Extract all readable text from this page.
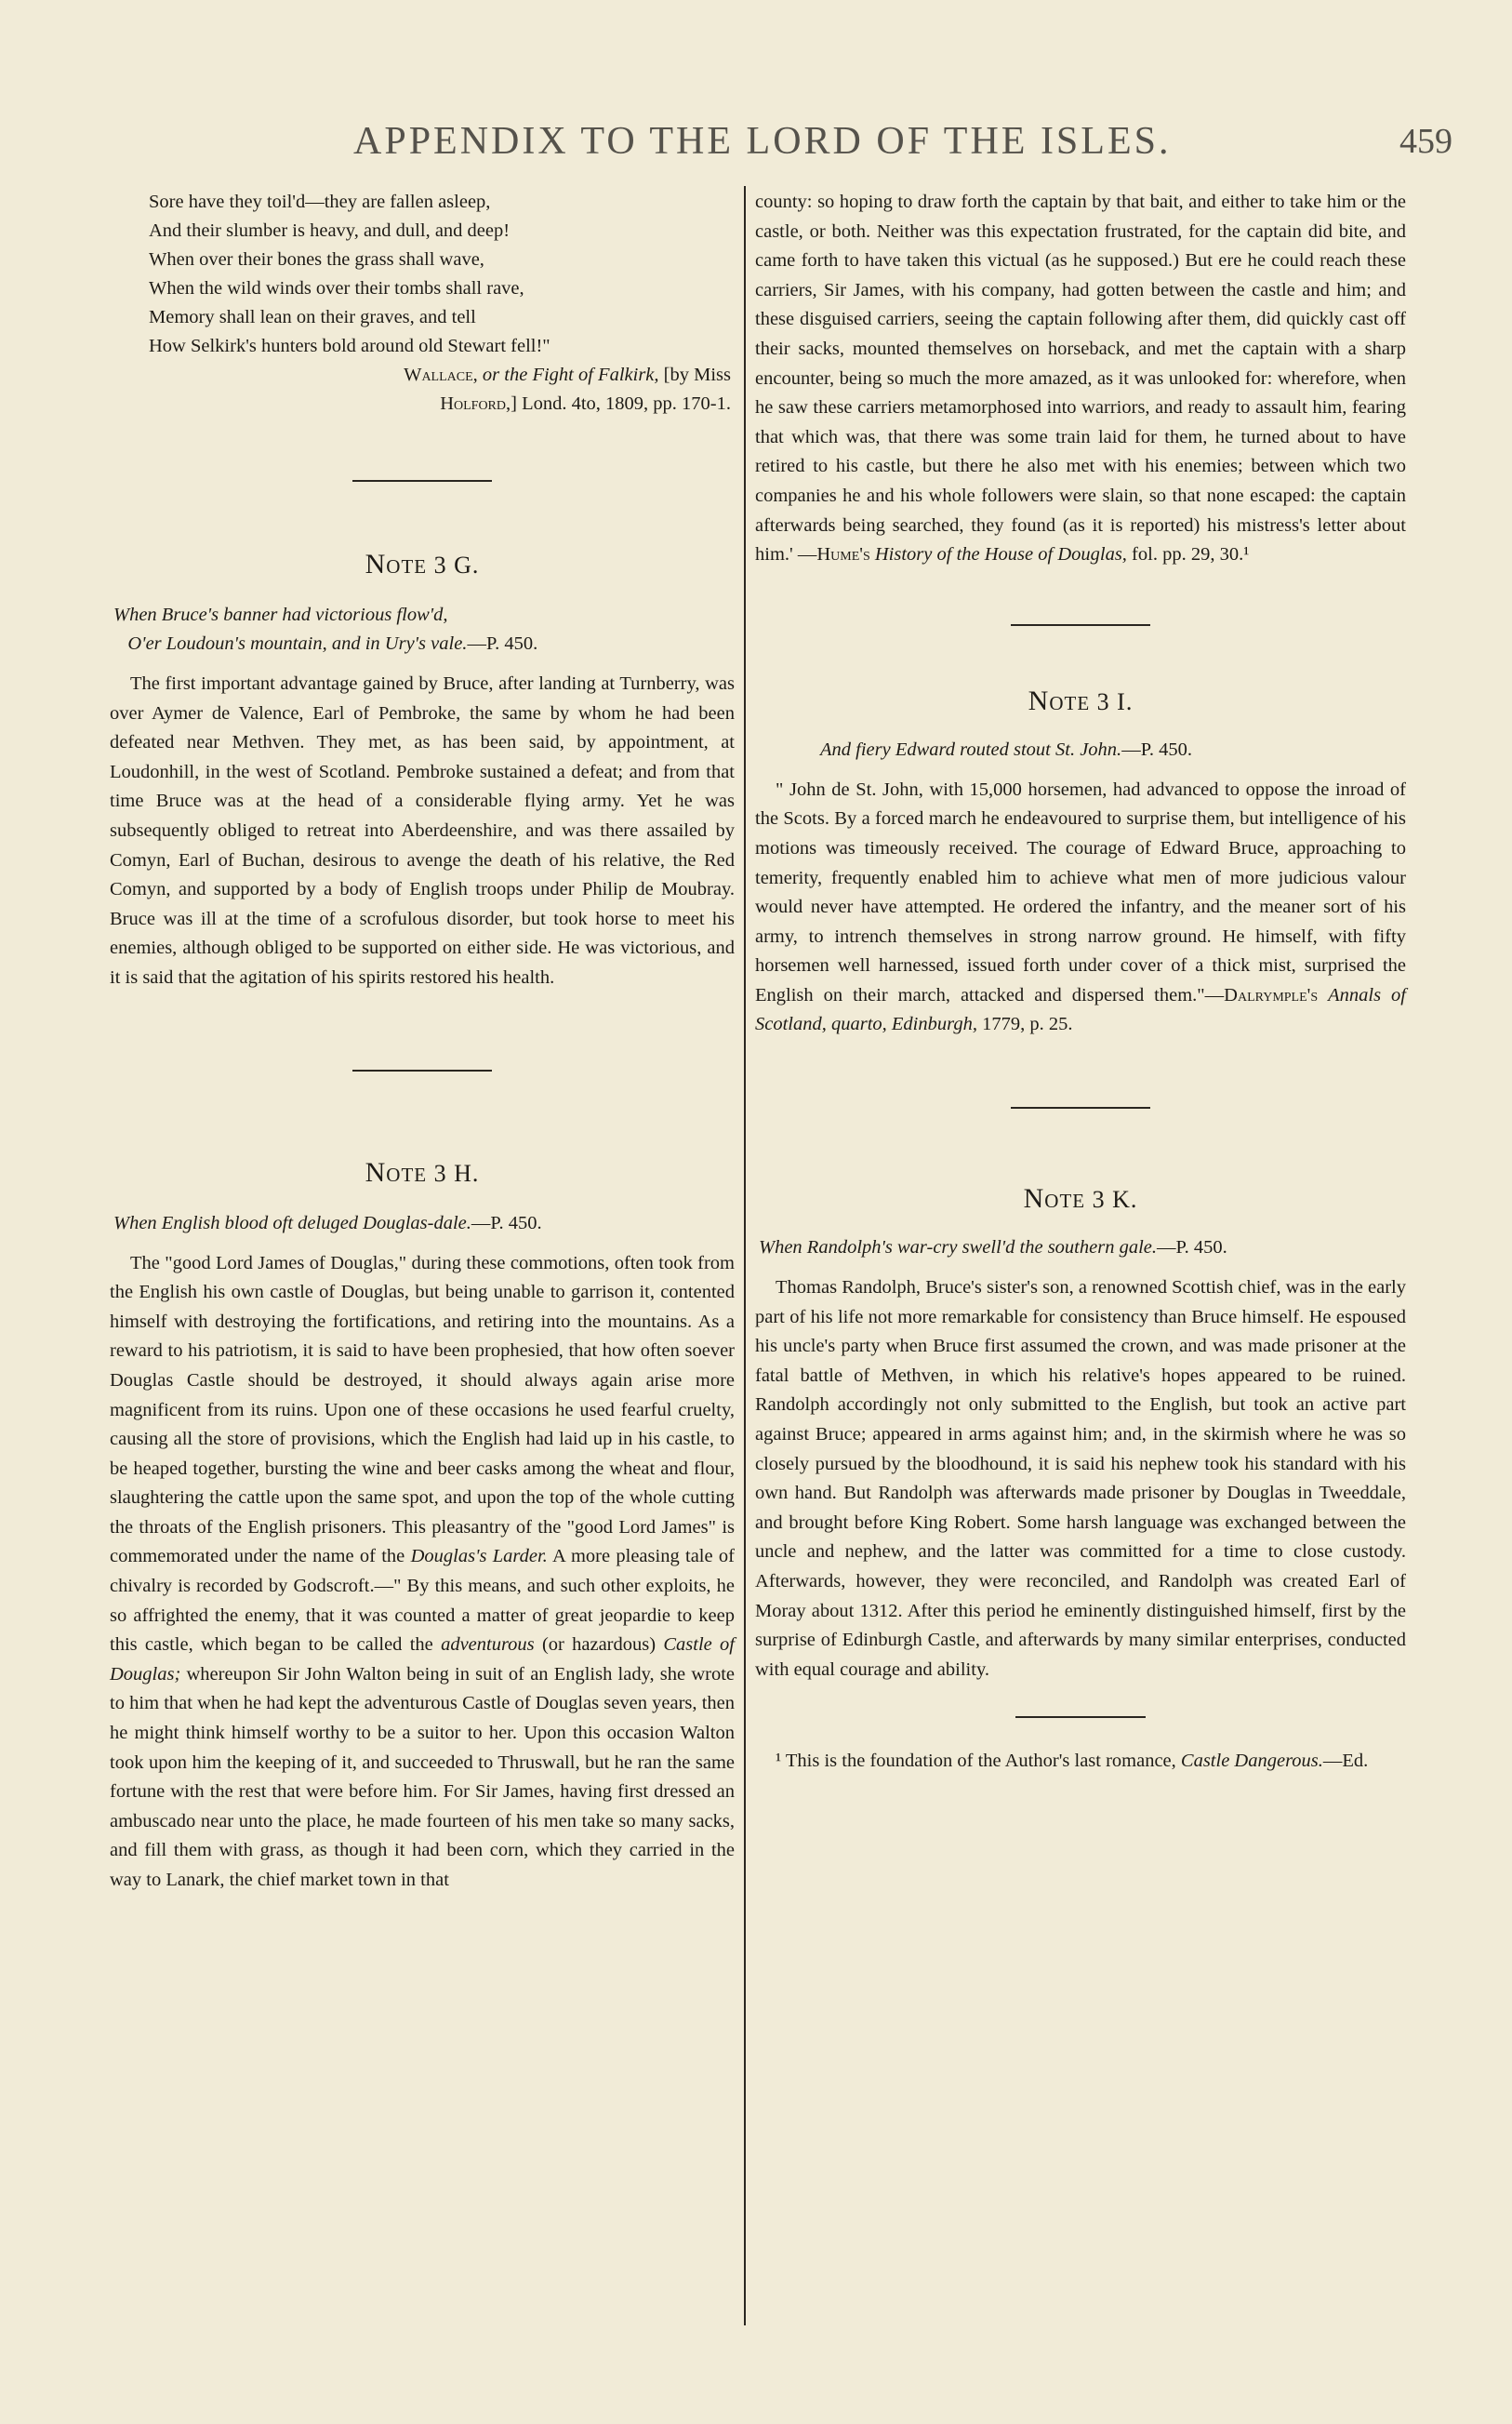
APPENDIX TO THE LORD OF THE ISLES.	459
Sore have they toil'd—they are fallen asleep,
And their slumber is heavy, and dull, and deep!
When over their bones the grass shall wave,
When the wild winds over their tombs shall rave,
Memory shall lean on their graves, and tell
How Selkirk's hunters bold around old Stewart fell!"
Wallace, or the Fight of Falkirk, [by Miss
Holford,] Lond. 4to, 1809, pp. 170-1.
Note 3 G.
When Bruce's banner had victorious flow'd,
O'er Loudoun's mountain, and in Ury's vale.—P. 450.

The first important advantage gained by Bruce, after landing at Turnberry, was over Aymer de Valence, Earl of Pembroke, the same by whom he had been defeated near Methven. They met, as has been said, by appointment, at Loudonhill, in the west of Scotland. Pembroke sustained a defeat; and from that time Bruce was at the head of a considerable flying army. Yet he was subsequently obliged to retreat into Aberdeenshire, and was there assailed by Comyn, Earl of Buchan, desirous to avenge the death of his relative, the Red Comyn, and supported by a body of English troops under Philip de Moubray. Bruce was ill at the time of a scrofulous disorder, but took horse to meet his enemies, although obliged to be supported on either side. He was victorious, and it is said that the agitation of his spirits restored his health.

Note 3 H.
When English blood oft deluged Douglas-dale.—P. 450.

The "good Lord James of Douglas," during these commotions, often took from the English his own castle of Douglas, but being unable to garrison it, contented himself with destroying the fortifications, and retiring into the mountains. As a reward to his patriotism, it is said to have been prophesied, that how often soever Douglas Castle should be destroyed, it should always again arise more magnificent from its ruins. Upon one of these occasions he used fearful cruelty, causing all the store of provisions, which the English had laid up in his castle, to be heaped together, bursting the wine and beer casks among the wheat and flour, slaughtering the cattle upon the same spot, and upon the top of the whole cutting the throats of the English prisoners. This pleasantry of the "good Lord James" is commemorated under the name of the Douglas's Larder. A more pleasing tale of chivalry is recorded by Godscroft.—" By this means, and such other exploits, he so affrighted the enemy, that it was counted a matter of great jeopardie to keep this castle, which began to be called the adventurous (or hazardous) Castle of Douglas; whereupon Sir John Walton being in suit of an English lady, she wrote to him that when he had kept the adventurous Castle of Douglas seven years, then he might think himself worthy to be a suitor to her. Upon this occasion Walton took upon him the keeping of it, and succeeded to Thruswall, but he ran the same fortune with the rest that were before him. For Sir James, having first dressed an ambuscado near unto the place, he made fourteen of his men take so many sacks, and fill them with grass, as though it had been corn, which they carried in the way to Lanark, the chief market town in that

county: so hoping to draw forth the captain by that bait, and either to take him or the castle, or both. Neither was this expectation frustrated, for the captain did bite, and came forth to have taken this victual (as he supposed.) But ere he could reach these carriers, Sir James, with his company, had gotten between the castle and him; and these disguised carriers, seeing the captain following after them, did quickly cast off their sacks, mounted themselves on horseback, and met the captain with a sharp encounter, being so much the more amazed, as it was unlooked for: wherefore, when he saw these carriers metamorphosed into warriors, and ready to assault him, fearing that which was, that there was some train laid for them, he turned about to have retired to his castle, but there he also met with his enemies; between which two companies he and his whole followers were slain, so that none escaped: the captain afterwards being searched, they found (as it is reported) his mistress's letter about him.' —Hume's History of the House of Douglas, fol. pp. 29, 30.¹

Note 3 I.
And fiery Edward routed stout St. John.—P. 450.

" John de St. John, with 15,000 horsemen, had advanced to oppose the inroad of the Scots. By a forced march he endeavoured to surprise them, but intelligence of his motions was timeously received. The courage of Edward Bruce, approaching to temerity, frequently enabled him to achieve what men of more judicious valour would never have attempted. He ordered the infantry, and the meaner sort of his army, to intrench themselves in strong narrow ground. He himself, with fifty horsemen well harnessed, issued forth under cover of a thick mist, surprised the English on their march, attacked and dispersed them."—Dalrymple's Annals of Scotland, quarto, Edinburgh, 1779, p. 25.

Note 3 K.
When Randolph's war-cry swell'd the southern gale.—P. 450.

Thomas Randolph, Bruce's sister's son, a renowned Scottish chief, was in the early part of his life not more remarkable for consistency than Bruce himself. He espoused his uncle's party when Bruce first assumed the crown, and was made prisoner at the fatal battle of Methven, in which his relative's hopes appeared to be ruined. Randolph accordingly not only submitted to the English, but took an active part against Bruce; appeared in arms against him; and, in the skirmish where he was so closely pursued by the bloodhound, it is said his nephew took his standard with his own hand. But Randolph was afterwards made prisoner by Douglas in Tweeddale, and brought before King Robert. Some harsh language was exchanged between the uncle and nephew, and the latter was committed for a time to close custody. Afterwards, however, they were reconciled, and Randolph was created Earl of Moray about 1312. After this period he eminently distinguished himself, first by the surprise of Edinburgh Castle, and afterwards by many similar enterprises, conducted with equal courage and ability.

¹ This is the foundation of the Author's last romance, Castle Dangerous.—Ed.
